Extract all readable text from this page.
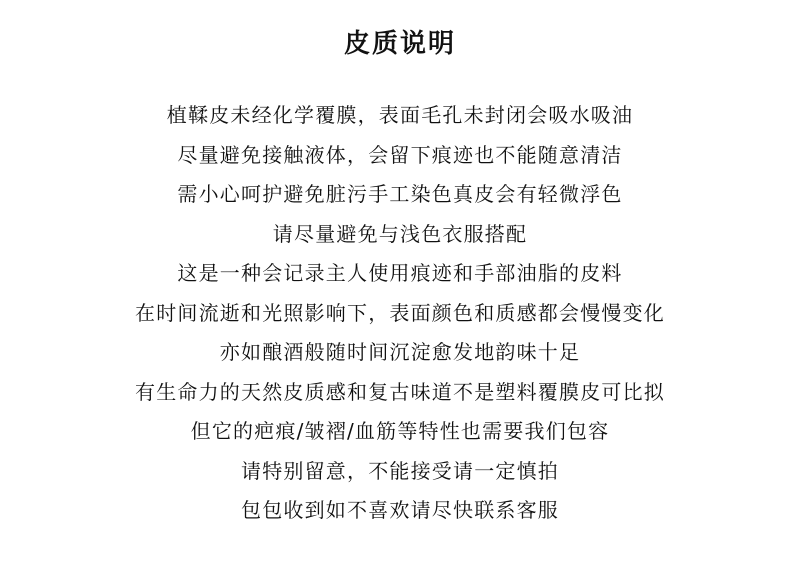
皮质说明
植鞣皮未经化学覆膜，表面毛孔未封闭会吸水吸油
尽量避免接触液体，会留下痕迹也不能随意清洁
需小心呵护避免脏污手工染色真皮会有轻微浮色
请尽量避免与浅色衣服搭配
这是一种会记录主人使用痕迹和手部油脂的皮料
在时间流逝和光照影响下，表面颜色和质感都会慢慢变化
亦如酿酒般随时间沉淀愈发地韵味十足
有生命力的天然皮质感和复古味道不是塑料覆膜皮可比拟
但它的疤痕/皱褶/血筋等特性也需要我们包容
请特别留意，不能接受请一定慎拍
包包收到如不喜欢请尽快联系客服
